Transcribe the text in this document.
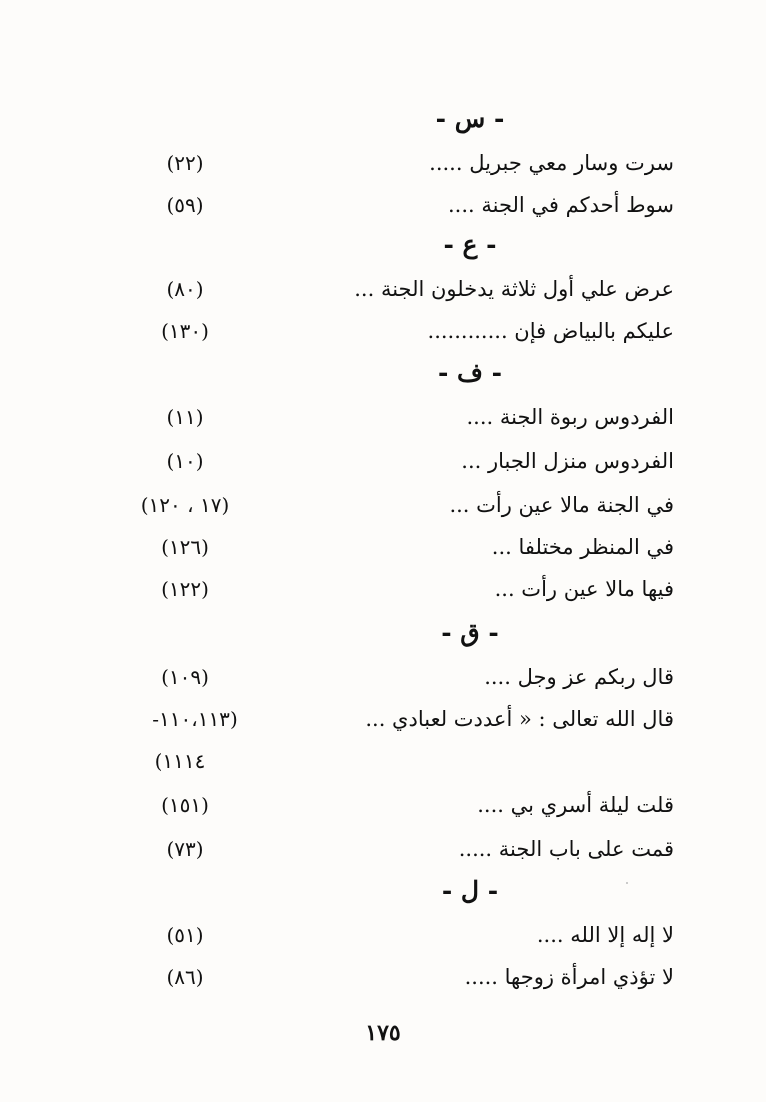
- س -
سرت وسار معي جبريل .....
(٢٢)
سوط أحدكم في الجنة ....
(٥٩)
- ع -
عرض علي أول ثلاثة يدخلون الجنة ...
(٨٠)
عليكم بالبياض فإن ............
(١٣٠)
- ف -
الفردوس ربوة الجنة ....
(١١)
الفردوس منزل الجبار ...
(١٠)
في الجنة مالا عين رأت ...
(١٧ ، ١٢٠)
في المنظر مختلفا ...
(١٢٦)
فيها مالا عين رأت ...
(١٢٢)
- ق -
قال ربكم عز وجل ....
(١٠٩)
قال الله تعالى : « أعددت لعبادي ...
(١١٠،١١٣-
١١١٤)
قلت ليلة أسري بي ....
(١٥١)
قمت على باب الجنة .....
(٧٣)
- ل -
لا إله إلا الله ....
(٥١)
لا تؤذي امرأة زوجها .....
(٨٦)
١٧٥
